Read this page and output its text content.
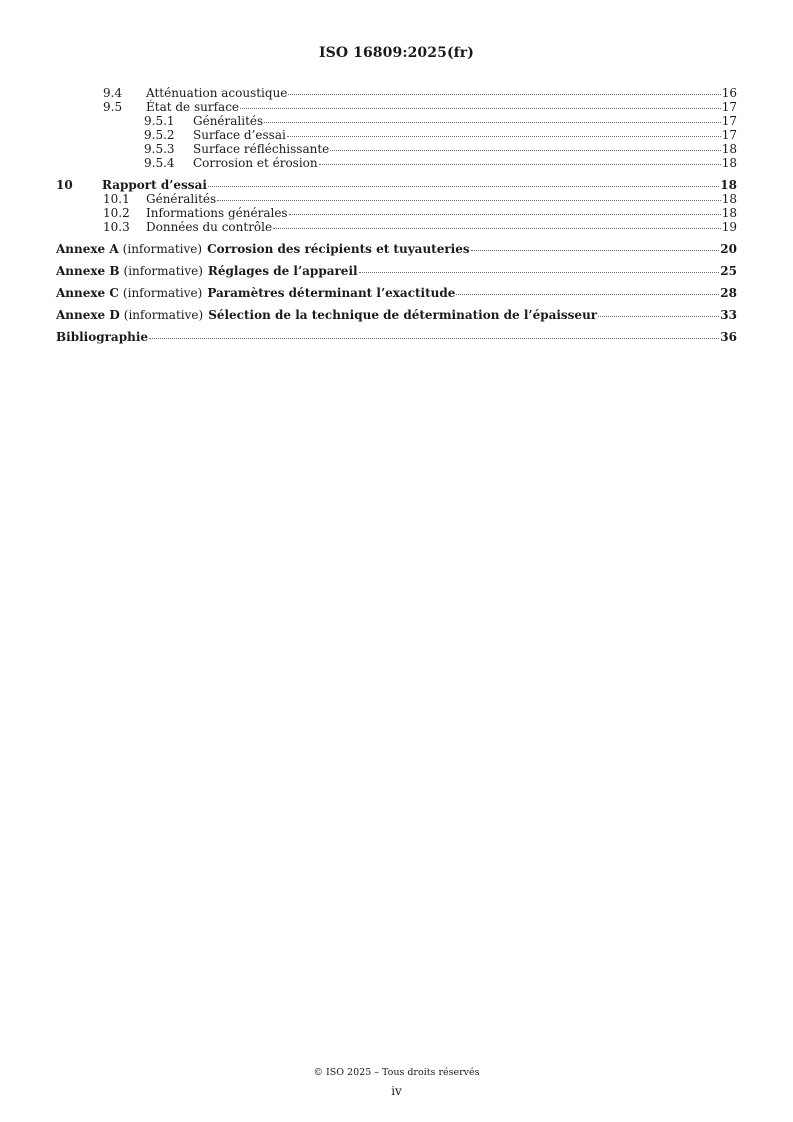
ISO 16809:2025(fr)
9.4	Atténuation acoustique	16
9.5	État de surface	17
9.5.1	Généralités	17
9.5.2	Surface d’essai	17
9.5.3	Surface réfléchissante	18
9.5.4	Corrosion et érosion	18
10	Rapport d’essai	18
10.1	Généralités	18
10.2	Informations générales	18
10.3	Données du contrôle	19
Annexe A (informative) Corrosion des récipients et tuyauteries	20
Annexe B (informative) Réglages de l’appareil	25
Annexe C (informative) Paramètres déterminant l’exactitude	28
Annexe D (informative) Sélection de la technique de détermination de l’épaisseur	33
Bibliographie	36
© ISO 2025 – Tous droits réservés
iv
